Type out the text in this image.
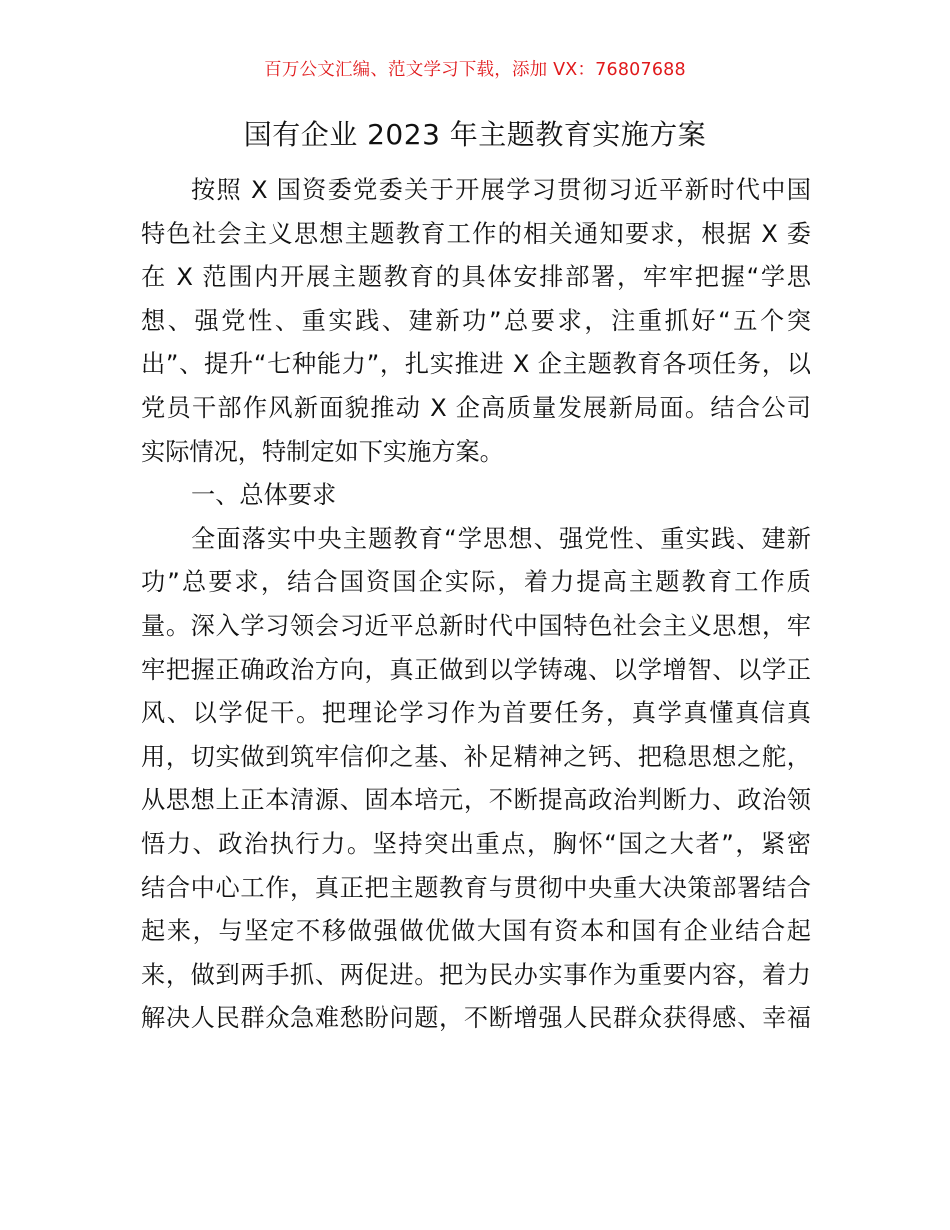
百万公文汇编、范文学习下载，添加 VX：76807688
国有企业 2023 年主题教育实施方案
按照 X 国资委党委关于开展学习贯彻习近平新时代中国
特色社会主义思想主题教育工作的相关通知要求，根据 X 委
在 X 范围内开展主题教育的具体安排部署，牢牢把握“学思
想、强党性、重实践、建新功”总要求，注重抓好“五个突
出”、提升“七种能力”，扎实推进 X 企主题教育各项任务，以
党员干部作风新面貌推动 X 企高质量发展新局面。结合公司
实际情况，特制定如下实施方案。
一、总体要求
全面落实中央主题教育“学思想、强党性、重实践、建新
功”总要求，结合国资国企实际，着力提高主题教育工作质
量。深入学习领会习近平总新时代中国特色社会主义思想，牢
牢把握正确政治方向，真正做到以学铸魂、以学增智、以学正
风、以学促干。把理论学习作为首要任务，真学真懂真信真
用，切实做到筑牢信仰之基、补足精神之钙、把稳思想之舵，
从思想上正本清源、固本培元，不断提高政治判断力、政治领
悟力、政治执行力。坚持突出重点，胸怀“国之大者”，紧密
结合中心工作，真正把主题教育与贯彻中央重大决策部署结合
起来，与坚定不移做强做优做大国有资本和国有企业结合起
来，做到两手抓、两促进。把为民办实事作为重要内容，着力
解决人民群众急难愁盼问题，不断增强人民群众获得感、幸福
